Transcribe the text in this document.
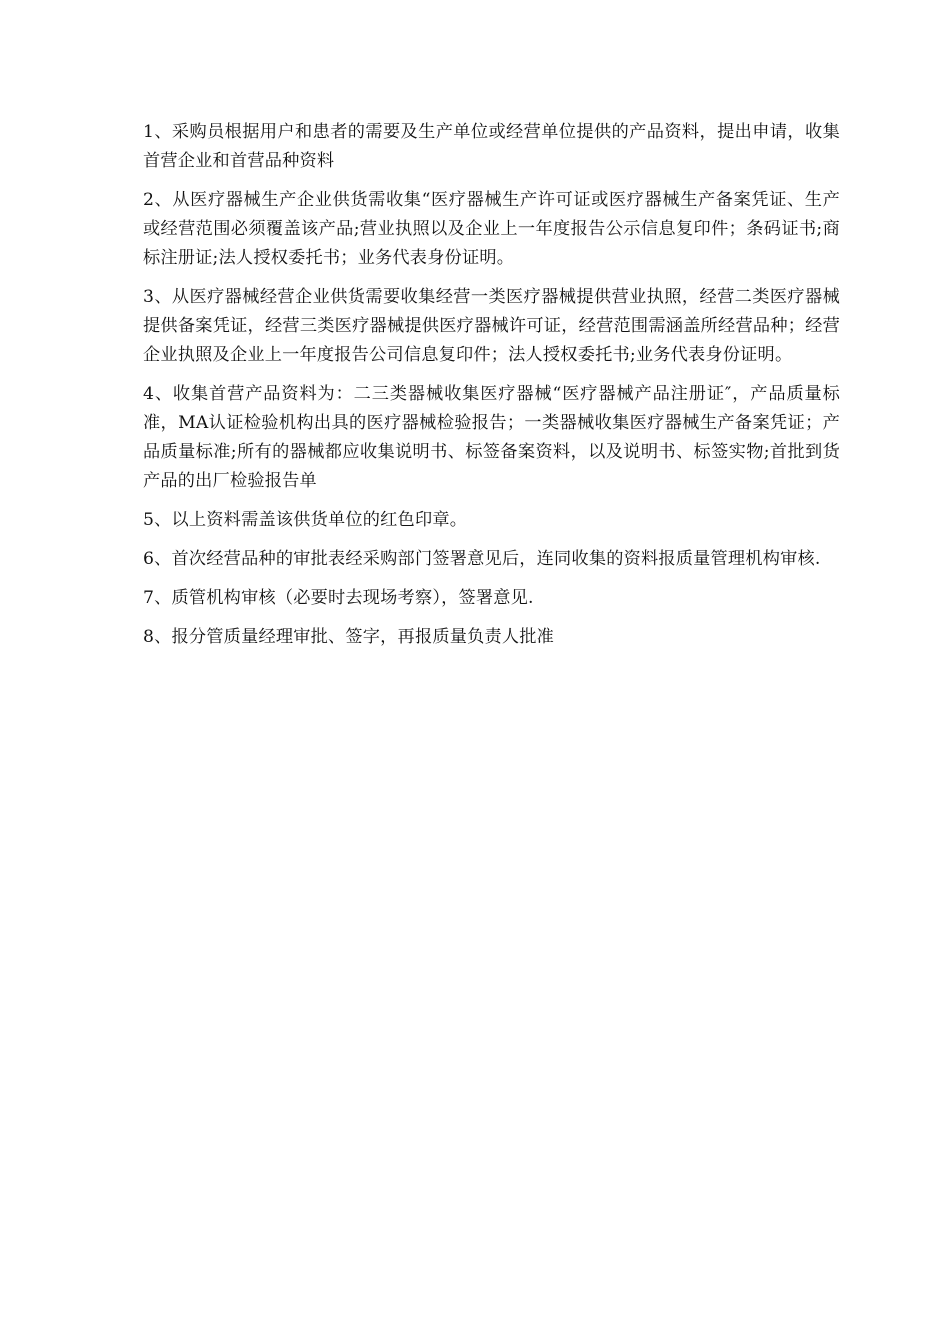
1、采购员根据用户和患者的需要及生产单位或经营单位提供的产品资料，提出申请，收集首营企业和首营品种资料

2、从医疗器械生产企业供货需收集“医疗器械生产许可证或医疗器械生产备案凭证、生产或经营范围必须覆盖该产品;营业执照以及企业上一年度报告公示信息复印件；条码证书;商标注册证;法人授权委托书；业务代表身份证明。

3、从医疗器械经营企业供货需要收集经营一类医疗器械提供营业执照，经营二类医疗器械提供备案凭证，经营三类医疗器械提供医疗器械许可证，经营范围需涵盖所经营品种；经营企业执照及企业上一年度报告公司信息复印件；法人授权委托书;业务代表身份证明。

4、收集首营产品资料为：二三类器械收集医疗器械“医疗器械产品注册证″，产品质量标准，MA认证检验机构出具的医疗器械检验报告；一类器械收集医疗器械生产备案凭证；产品质量标准;所有的器械都应收集说明书、标签备案资料，以及说明书、标签实物;首批到货产品的出厂检验报告单

5、以上资料需盖该供货单位的红色印章。

6、首次经营品种的审批表经采购部门签署意见后，连同收集的资料报质量管理机构审核.

7、质管机构审核（必要时去现场考察），签署意见.

8、报分管质量经理审批、签字，再报质量负责人批准
